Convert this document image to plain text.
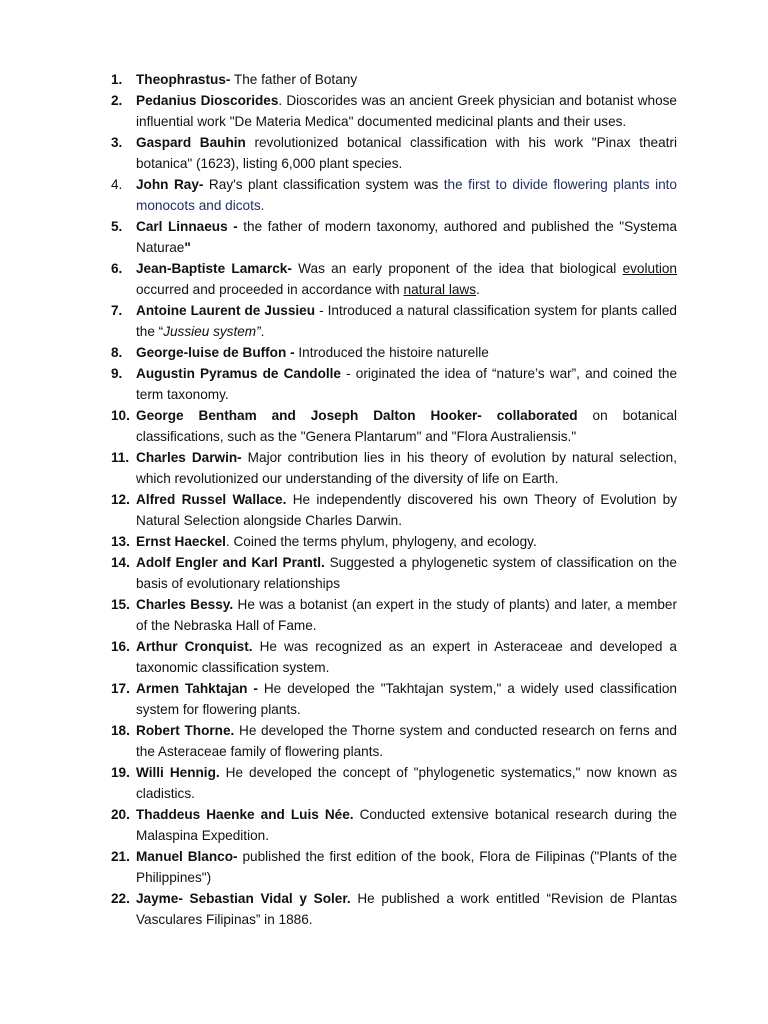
1. Theophrastus- The father of Botany
2. Pedanius Dioscorides. Dioscorides was an ancient Greek physician and botanist whose influential work "De Materia Medica" documented medicinal plants and their uses.
3. Gaspard Bauhin revolutionized botanical classification with his work "Pinax theatri botanica" (1623), listing 6,000 plant species.
4. John Ray- Ray's plant classification system was the first to divide flowering plants into monocots and dicots.
5. Carl Linnaeus - the father of modern taxonomy, authored and published the "Systema Naturae"
6. Jean-Baptiste Lamarck- Was an early proponent of the idea that biological evolution occurred and proceeded in accordance with natural laws.
7. Antoine Laurent de Jussieu - Introduced a natural classification system for plants called the “Jussieu system”.
8. George-luise de Buffon - Introduced the histoire naturelle
9. Augustin Pyramus de Candolle - originated the idea of “nature’s war”, and coined the term taxonomy.
10. George Bentham and Joseph Dalton Hooker- collaborated on botanical classifications, such as the "Genera Plantarum" and "Flora Australiensis."
11. Charles Darwin- Major contribution lies in his theory of evolution by natural selection, which revolutionized our understanding of the diversity of life on Earth.
12. Alfred Russel Wallace. He independently discovered his own Theory of Evolution by Natural Selection alongside Charles Darwin.
13. Ernst Haeckel. Coined the terms phylum, phylogeny, and ecology.
14. Adolf Engler and Karl Prantl. Suggested a phylogenetic system of classification on the basis of evolutionary relationships
15. Charles Bessy. He was a botanist (an expert in the study of plants) and later, a member of the Nebraska Hall of Fame.
16. Arthur Cronquist. He was recognized as an expert in Asteraceae and developed a taxonomic classification system.
17. Armen Tahktajan - He developed the "Takhtajan system," a widely used classification system for flowering plants.
18. Robert Thorne. He developed the Thorne system and conducted research on ferns and the Asteraceae family of flowering plants.
19. Willi Hennig. He developed the concept of "phylogenetic systematics," now known as cladistics.
20. Thaddeus Haenke and Luis Née. Conducted extensive botanical research during the Malaspina Expedition.
21. Manuel Blanco- published the first edition of the book, Flora de Filipinas ("Plants of the Philippines")
22. Jayme- Sebastian Vidal y Soler. He published a work entitled “Revision de Plantas Vasculares Filipinas” in 1886.
